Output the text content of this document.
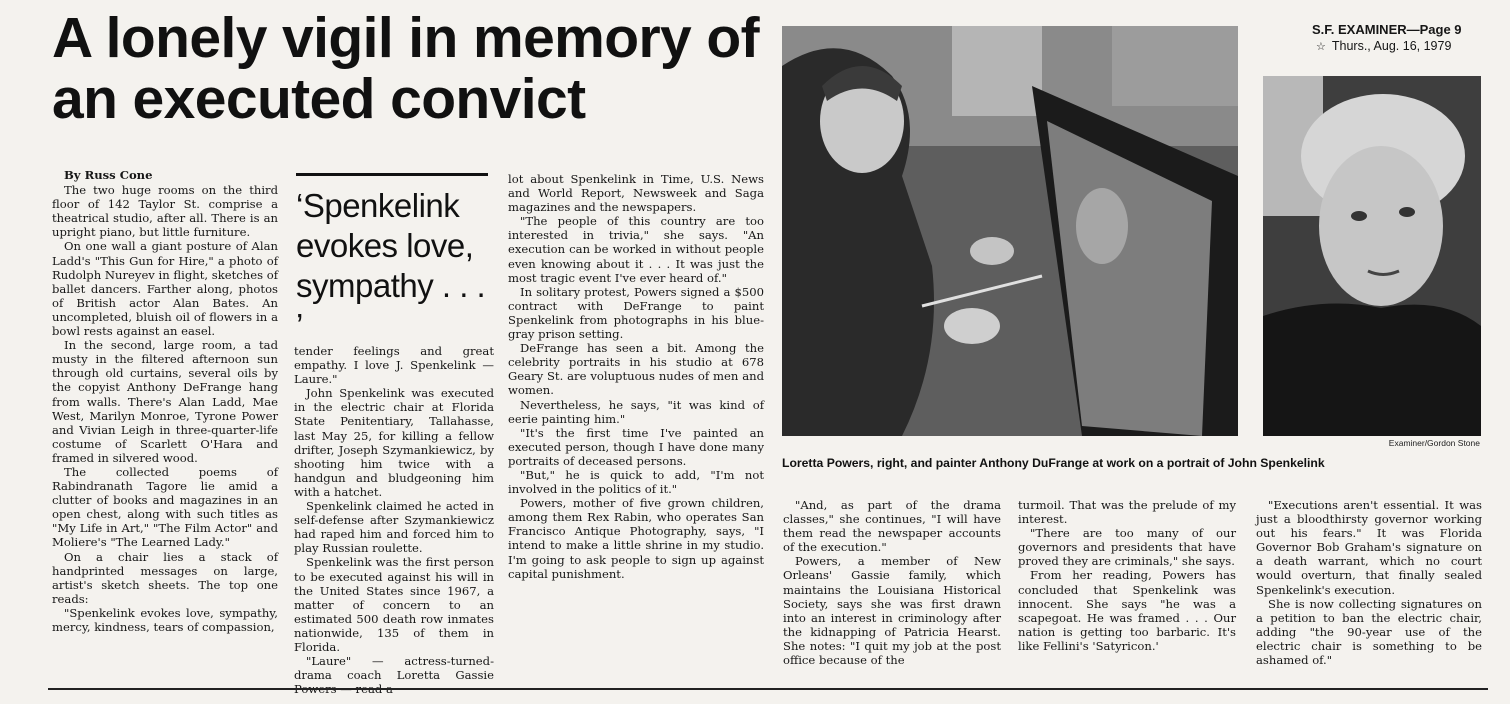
A lonely vigil in memory of an executed convict
S.F. EXAMINER—Page 9
☆ Thurs., Aug. 16, 1979

By Russ Cone

The two huge rooms on the third floor of 142 Taylor St. comprise a theatrical studio, after all. There is an upright piano, but little furniture.

On one wall a giant posture of Alan Ladd's "This Gun for Hire," a photo of Rudolph Nureyev in flight, sketches of ballet dancers. Farther along, photos of British actor Alan Bates. An uncompleted, bluish oil of flowers in a bowl rests against an easel.

In the second, large room, a tad musty in the filtered afternoon sun through old curtains, several oils by the copyist Anthony DeFrange hang from walls. There's Alan Ladd, Mae West, Marilyn Monroe, Tyrone Power and Vivian Leigh in three-quarter-life costume of Scarlett O'Hara and framed in silvered wood.

The collected poems of Rabindranath Tagore lie amid a clutter of books and magazines in an open chest, along with such titles as "My Life in Art," "The Film Actor" and Moliere's "The Learned Lady."

On a chair lies a stack of handprinted messages on large, artist's sketch sheets. The top one reads:

"Spenkelink evokes love, sympathy, mercy, kindness, tears of compassion,

‘Spenkelink evokes love, sympathy . . . ’

tender feelings and great empathy. I love J. Spenkelink — Laure."

John Spenkelink was executed in the electric chair at Florida State Penitentiary, Tallahasse, last May 25, for killing a fellow drifter, Joseph Szymankiewicz, by shooting him twice with a handgun and bludgeoning him with a hatchet.

Spenkelink claimed he acted in self-defense after Szymankiewicz had raped him and forced him to play Russian roulette.

Spenkelink was the first person to be executed against his will in the United States since 1967, a matter of concern to an estimated 500 death row inmates nationwide, 135 of them in Florida.

"Laure" — actress-turned-drama coach Loretta Gassie Powers — read a

lot about Spenkelink in Time, U.S. News and World Report, Newsweek and Saga magazines and the newspapers.

"The people of this country are too interested in trivia," she says. "An execution can be worked in without people even knowing about it . . . It was just the most tragic event I've ever heard of."

In solitary protest, Powers signed a $500 contract with DeFrange to paint Spenkelink from photographs in his blue-gray prison setting.

DeFrange has seen a bit. Among the celebrity portraits in his studio at 678 Geary St. are voluptuous nudes of men and women.

Nevertheless, he says, "it was kind of eerie painting him."

"It's the first time I've painted an executed person, though I have done many portraits of deceased persons.

"But," he is quick to add, "I'm not involved in the politics of it."

Powers, mother of five grown children, among them Rex Rabin, who operates San Francisco Antique Photography, says, "I intend to make a little shrine in my studio. I'm going to ask people to sign up against capital punishment.

Examiner/Gordon Stone
Loretta Powers, right, and painter Anthony DuFrange at work on a portrait of John Spenkelink

"And, as part of the drama classes," she continues, "I will have them read the newspaper accounts of the execution."

Powers, a member of New Orleans' Gassie family, which maintains the Louisiana Historical Society, says she was first drawn into an interest in criminology after the kidnapping of Patricia Hearst. She notes: "I quit my job at the post office because of the

turmoil. That was the prelude of my interest.

"There are too many of our governors and presidents that have proved they are criminals," she says.

From her reading, Powers has concluded that Spenkelink was innocent. She says "he was a scapegoat. He was framed . . . Our nation is getting too barbaric. It's like Fellini's 'Satyricon.'

"Executions aren't essential. It was just a bloodthirsty governor working out his fears." It was Florida Governor Bob Graham's signature on a death warrant, which no court would overturn, that finally sealed Spenkelink's execution.

She is now collecting signatures on a petition to ban the electric chair, adding "the 90-year use of the electric chair is something to be ashamed of."
